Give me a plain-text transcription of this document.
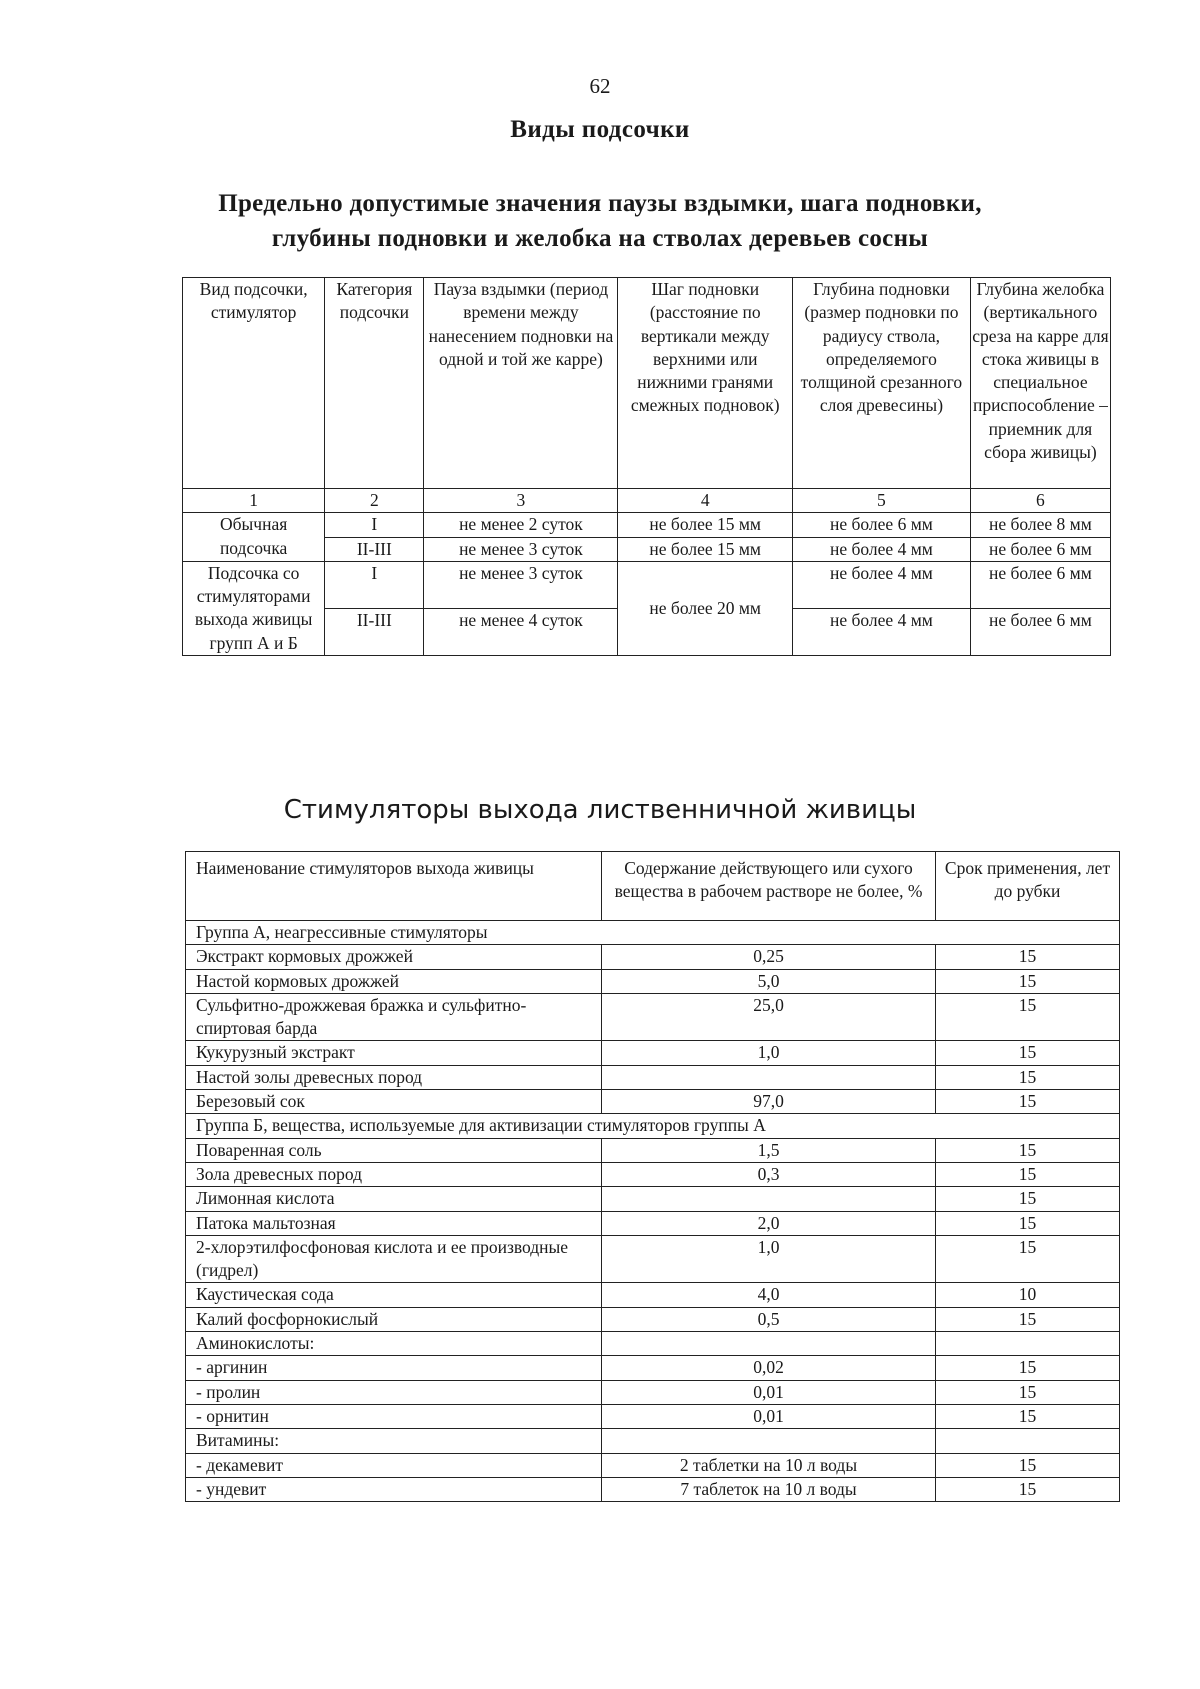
62
Виды подсочки
Предельно допустимые значения паузы вздымки, шага подновки,
глубины подновки и желобка на стволах деревьев сосны
Вид подсочки, стимулятор	Категория подсочки	Пауза вздымки (период времени между нанесением подновки на одной и той же карре)	Шаг подновки (расстояние по вертикали между верхними или нижними гранями смежных подновок)	Глубина подновки (размер подновки по радиусу ствола, определяемого толщиной срезанного слоя древесины)	Глубина желобка (вертикального среза на карре для стока живицы в специальное приспособление –приемник для сбора живицы)
1	2	3	4	5	6
Обычная подсочка	I	не менее 2 суток	не более 15 мм	не более 6 мм	не более 8 мм
	II-III	не менее 3 суток	не более 15 мм	не более 4 мм	не более 6 мм
Подсочка со стимуляторами выхода живицы групп А и Б	I	не менее 3 суток	не более 20 мм	не более 4 мм	не более 6 мм
	II-III	не менее 4 суток		не более 4 мм	не более 6 мм
Стимуляторы выхода лиственничной живицы
Наименование стимуляторов выхода живицы	Содержание действующего или сухого вещества в рабочем растворе не более, %	Срок применения, лет до рубки
Группа А, неагрессивные стимуляторы		
Экстракт кормовых дрожжей	0,25	15
Настой кормовых дрожжей	5,0	15
Сульфитно-дрожжевая бражка и сульфитно-спиртовая барда	25,0	15
Кукурузный экстракт	1,0	15
Настой золы древесных пород		15
Березовый сок	97,0	15
Группа Б, вещества, используемые для активизации стимуляторов группы А		
Поваренная соль	1,5	15
Зола древесных пород	0,3	15
Лимонная кислота		15
Патока мальтозная	2,0	15
2-хлорэтилфосфоновая кислота и ее производные (гидрел)	1,0	15
Каустическая сода	4,0	10
Калий фосфорнокислый	0,5	15
Аминокислоты:		
- аргинин	0,02	15
- пролин	0,01	15
- орнитин	0,01	15
Витамины:		
- декамевит	2 таблетки на 10 л воды	15
- ундевит	7 таблеток на 10 л воды	15
